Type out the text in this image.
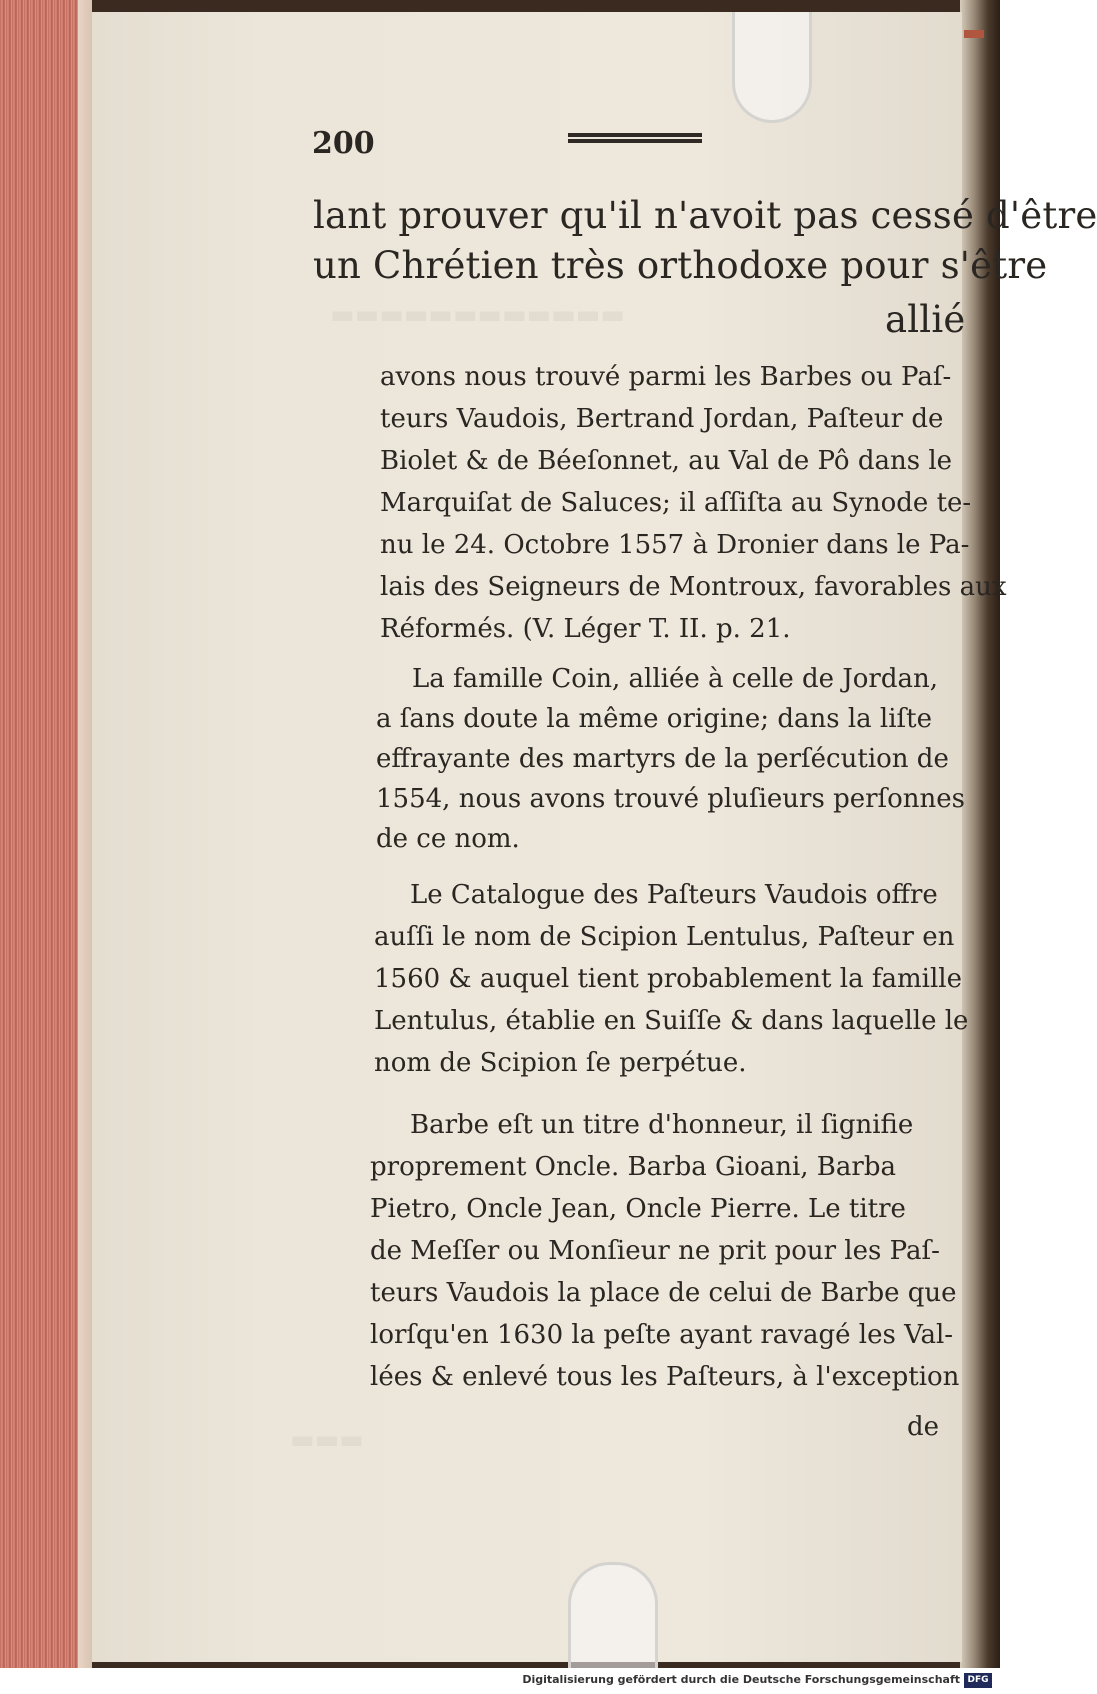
▬▬▬▬▬▬▬▬▬▬▬▬
▬▬▬
200
lant prouver qu'il n'avoit pas cessé d'être
un Chrétien très orthodoxe pour s'être
allié
avons nous trouvé parmi les Barbes ou Paſ-
teurs Vaudois, Bertrand Jordan, Paſteur de
Biolet & de Béeſonnet, au Val de Pô dans le
Marquiſat de Saluces; il aſſiſta au Synode te-
nu le 24. Octobre 1557 à Dronier dans le Pa-
lais des Seigneurs de Montroux, favorables aux
Réformés. (V. Léger T. II. p. 21.
La famille Coin, alliée à celle de Jordan,
a ſans doute la même origine; dans la liſte
effrayante des martyrs de la perſécution de
1554, nous avons trouvé pluſieurs perſonnes
de ce nom.
Le Catalogue des Paſteurs Vaudois offre
auſſi le nom de Scipion Lentulus, Paſteur en
1560 & auquel tient probablement la famille
Lentulus, établie en Suiſſe & dans laquelle le
nom de Scipion ſe perpétue.
Barbe eſt un titre d'honneur, il ſignifie
proprement Oncle. Barba Gioani, Barba
Pietro, Oncle Jean, Oncle Pierre. Le titre
de Meſſer ou Monſieur ne prit pour les Paſ-
teurs Vaudois la place de celui de Barbe que
lorſqu'en 1630 la peſte ayant ravagé les Val-
lées & enlevé tous les Paſteurs, à l'exception
de
Digitalisierung gefördert durch die Deutsche Forschungsgemeinschaft DFG
